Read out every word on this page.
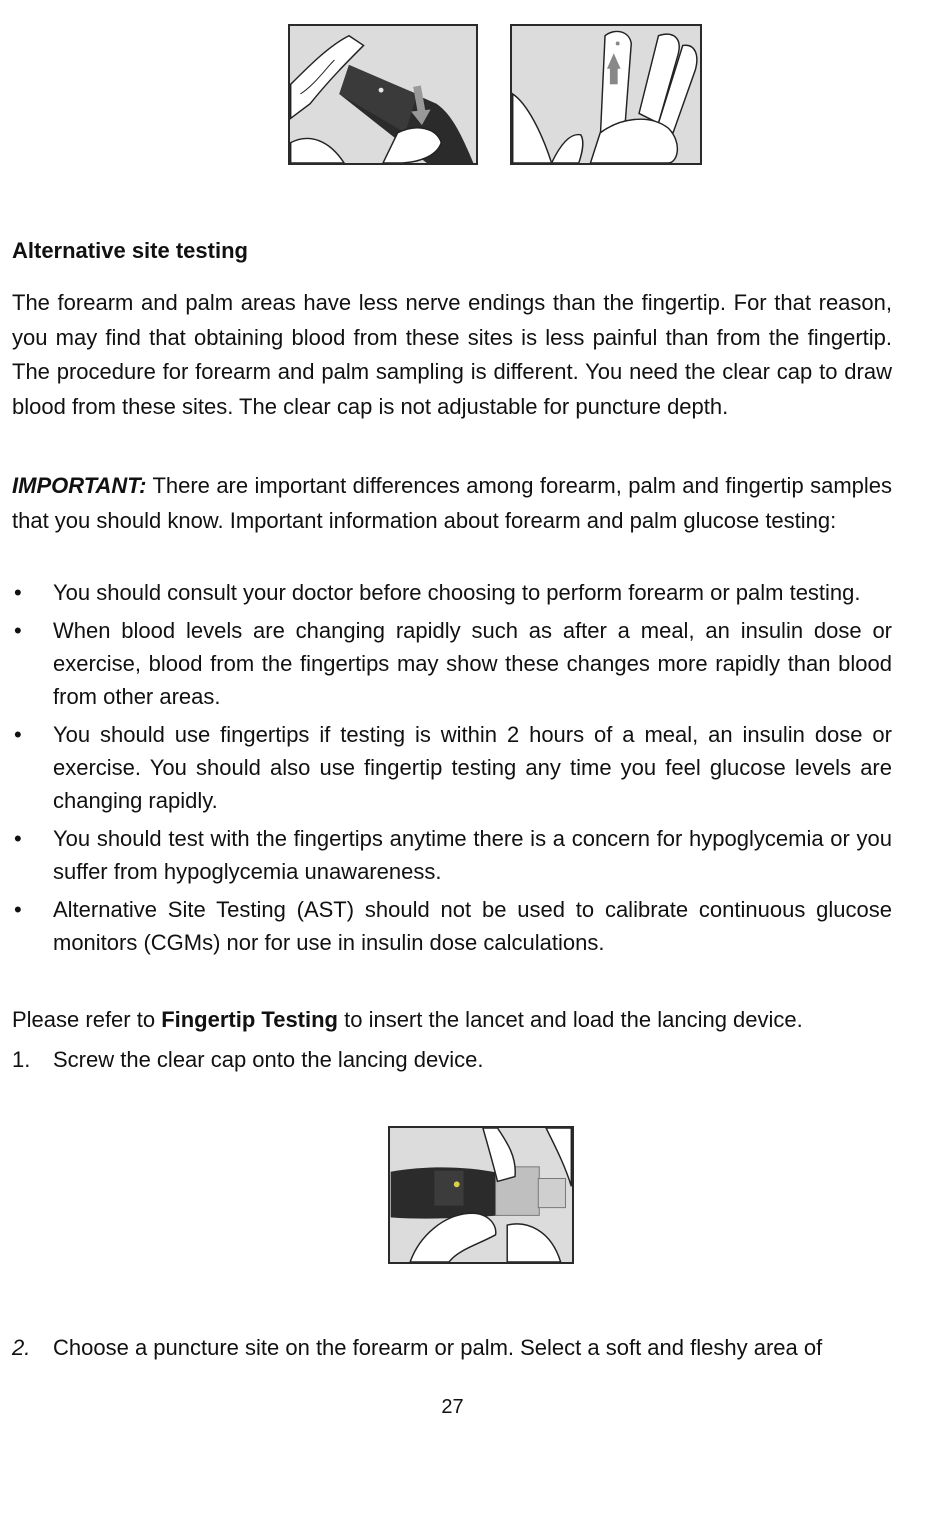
Alternative site testing

The forearm and palm areas have less nerve endings than the fingertip. For that reason, you may find that obtaining blood from these sites is less painful than from the fingertip. The procedure for forearm and palm sampling is different. You need the clear cap to draw blood from these sites. The clear cap is not adjustable for puncture depth.

IMPORTANT: There are important differences among forearm, palm and fingertip samples that you should know. Important information about forearm and palm glucose testing:

• You should consult your doctor before choosing to perform forearm or palm testing.
• When blood levels are changing rapidly such as after a meal, an insulin dose or exercise, blood from the fingertips may show these changes more rapidly than blood from other areas.
• You should use fingertips if testing is within 2 hours of a meal, an insulin dose or exercise. You should also use fingertip testing any time you feel glucose levels are changing rapidly.
• You should test with the fingertips anytime there is a concern for hypoglycemia or you suffer from hypoglycemia unawareness.
• Alternative Site Testing (AST) should not be used to calibrate continuous glucose monitors (CGMs) nor for use in insulin dose calculations.

Please refer to Fingertip Testing to insert the lancet and load the lancing device.

1. Screw the clear cap onto the lancing device.
2. Choose a puncture site on the forearm or palm. Select a soft and fleshy area of
27
